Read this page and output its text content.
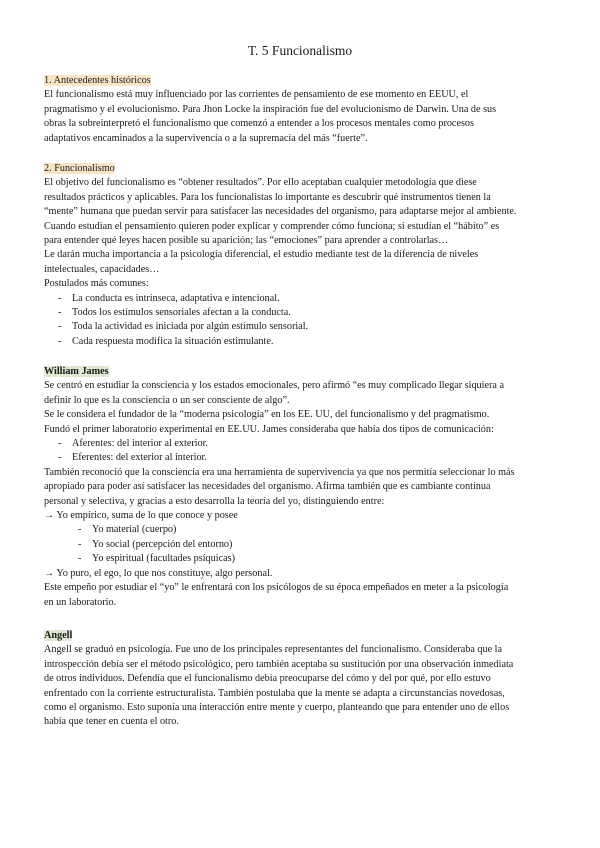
T. 5 Funcionalismo

1. Antecedentes históricos

El funcionalismo está muy influenciado por las corrientes de pensamiento de ese momento en EEUU, el

pragmatismo y el evolucionismo. Para Jhon Locke la inspiración fue del evolucionismo de Darwin. Una de sus

obras la sobreinterpretó el funcionalismo que comenzó a entender a los procesos mentales como procesos

adaptativos encaminados a la supervivencia o a la supremacía del más “fuerte”.

2. Funcionalismo

El objetivo del funcionalismo es “obtener resultados”. Por ello aceptaban cualquier metodología que diese

resultados prácticos y aplicables. Para los funcionalistas lo importante es descubrir qué instrumentos tienen la

“mente” humana que puedan servir para satisfacer las necesidades del organismo, para adaptarse mejor al ambiente.

Cuando estudian el pensamiento quieren poder explicar y comprender cómo funciona; si estudian el “hábito” es

para entender qué leyes hacen posible su aparición; las “emociones” para aprender a controlarlas…

Le darán mucha importancia a la psicología diferencial, el estudio mediante test de la diferencia de niveles

intelectuales, capacidades…

Postulados más comunes:

- La conducta es intrínseca, adaptativa e intencional.
- Todos los estímulos sensoriales afectan a la conducta.
- Toda la actividad es iniciada por algún estímulo sensorial.
- Cada respuesta modifica la situación estimulante.

William James

Se centró en estudiar la consciencia y los estados emocionales, pero afirmó “es muy complicado llegar siquiera a

definir lo que es la consciencia o un ser consciente de algo”.

Se le considera el fundador de la “moderna psicología” en los EE. UU, del funcionalismo y del pragmatismo.

Fundó el primer laboratorio experimental en EE.UU. James consideraba que había dos tipos de comunicación:

- Aferentes: del interior al exterior.
- Eferentes: del exterior al interior.

También reconoció que la consciencia era una herramienta de supervivencia ya que nos permitía seleccionar lo más

apropiado para poder así satisfacer las necesidades del organismo. Afirma también que es cambiante continua

personal y selectiva, y gracias a esto desarrolla la teoría del yo, distinguiendo entre:

→ Yo empírico, suma de lo que conoce y posee

- Yo material (cuerpo)
- Yo social (percepción del entorno)
- Yo espiritual (facultades psíquicas)

→ Yo puro, el ego, lo que nos constituye, algo personal.

Este empeño por estudiar el “yo” le enfrentará con los psicólogos de su época empeñados en meter a la psicología

en un laboratorio.

Angell

Angell se graduó en psicología. Fue uno de los principales representantes del funcionalismo. Consideraba que la

introspección debía ser el método psicológico, pero también aceptaba su sustitución por una observación inmediata

de otros individuos. Defendía que el funcionalismo debía preocuparse del cómo y del por qué, por ello estuvo

enfrentado con la corriente estructuralista. También postulaba que la mente se adapta a circunstancias novedosas,

como el organismo. Esto suponía una interacción entre mente y cuerpo, planteando que para entender uno de ellos

había que tener en cuenta el otro.
